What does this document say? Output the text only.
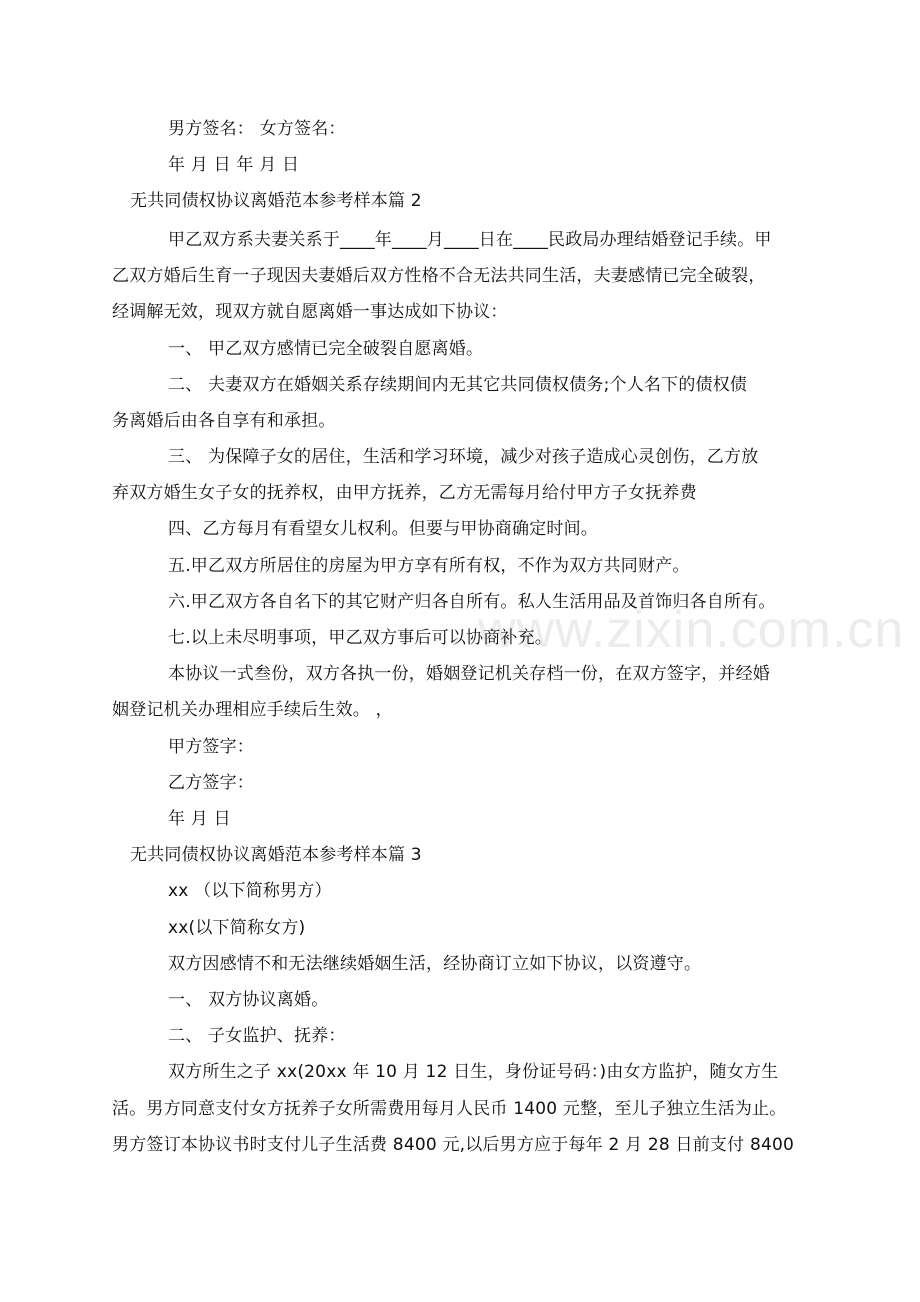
www.zixin.com.cn
男方签名： 女方签名：
年 月 日 年 月 日
无共同债权协议离婚范本参考样本篇 2
甲乙双方系夫妻关系于____年____月____日在____民政局办理结婚登记手续。甲
乙双方婚后生育一子现因夫妻婚后双方性格不合无法共同生活，夫妻感情已完全破裂，
经调解无效，现双方就自愿离婚一事达成如下协议：
一、 甲乙双方感情已完全破裂自愿离婚。
二、 夫妻双方在婚姻关系存续期间内无其它共同债权债务;个人名下的债权债
务离婚后由各自享有和承担。
三、 为保障子女的居住，生活和学习环境，减少对孩子造成心灵创伤，乙方放
弃双方婚生女子女的抚养权，由甲方抚养，乙方无需每月给付甲方子女抚养费
四、乙方每月有看望女儿权利。但要与甲协商确定时间。
五.甲乙双方所居住的房屋为甲方享有所有权，不作为双方共同财产。
六.甲乙双方各自名下的其它财产归各自所有。私人生活用品及首饰归各自所有。
七.以上未尽明事项，甲乙双方事后可以协商补充。
本协议一式叁份，双方各执一份，婚姻登记机关存档一份，在双方签字，并经婚
姻登记机关办理相应手续后生效。 ，
甲方签字：
乙方签字：
年 月 日
无共同债权协议离婚范本参考样本篇 3
xx （以下简称男方）
xx(以下简称女方)
双方因感情不和无法继续婚姻生活，经协商订立如下协议，以资遵守。
一、 双方协议离婚。
二、 子女监护、抚养：
双方所生之子 xx(20xx 年 10 月 12 日生，身份证号码：)由女方监护，随女方生
活。男方同意支付女方抚养子女所需费用每月人民币 1400 元整，至儿子独立生活为止。
男方签订本协议书时支付儿子生活费 8400 元,以后男方应于每年 2 月 28 日前支付 8400
